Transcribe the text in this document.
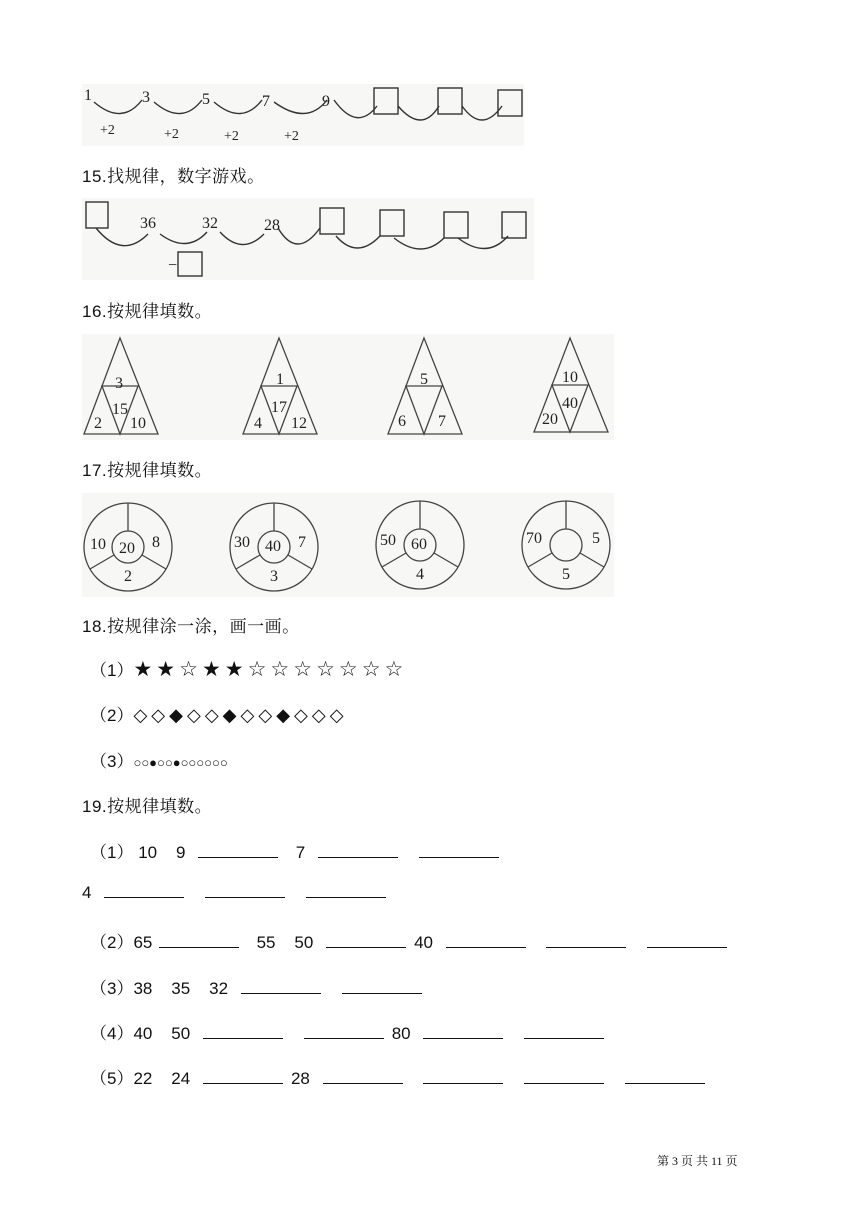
1	3	5	7	9
+2	+2	+2	+2
15.找规律，数字游戏。
36	32	28
−
16.按规律填数。
3
15
2 10
1
17
4 12
5
6 7
10
40
20
17.按规律填数。
10 20 8
2
30 40 7
3
50 60
4
70	5
5
18.按规律涂一涂，画一画。
（1）★★☆★★☆☆☆☆☆☆☆
（2）◇◇◆◇◇◆◇◇◆◇◇◇
（3）○○●○○●○○○○○○
19.按规律填数。
（1） 10 9	7
4
（2）65	55 50	40
（3）38 35 32
（4）40 50	80
（5）22 24	28
第 3 页 共 11 页
